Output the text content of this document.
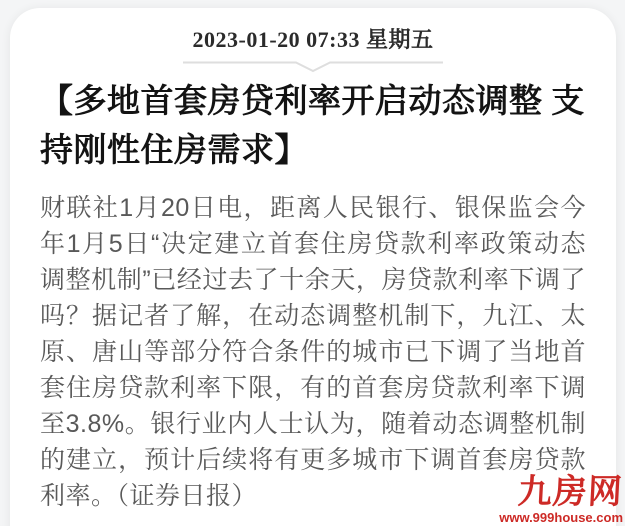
2023-01-20 07:33 星期五
【多地首套房贷利率开启动态调整 支持刚性住房需求】
财联社1月20日电，距离人民银行、银保监会今年1月5日“决定建立首套住房贷款利率政策动态调整机制”已经过去了十余天，房贷款利率下调了吗？据记者了解，在动态调整机制下，九江、太原、唐山等部分符合条件的城市已下调了当地首套住房贷款利率下限，有的首套房贷款利率下调至3.8%。银行业内人士认为，随着动态调整机制的建立，预计后续将有更多城市下调首套房贷款利率。（证券日报）	九房网
www.999house.com
